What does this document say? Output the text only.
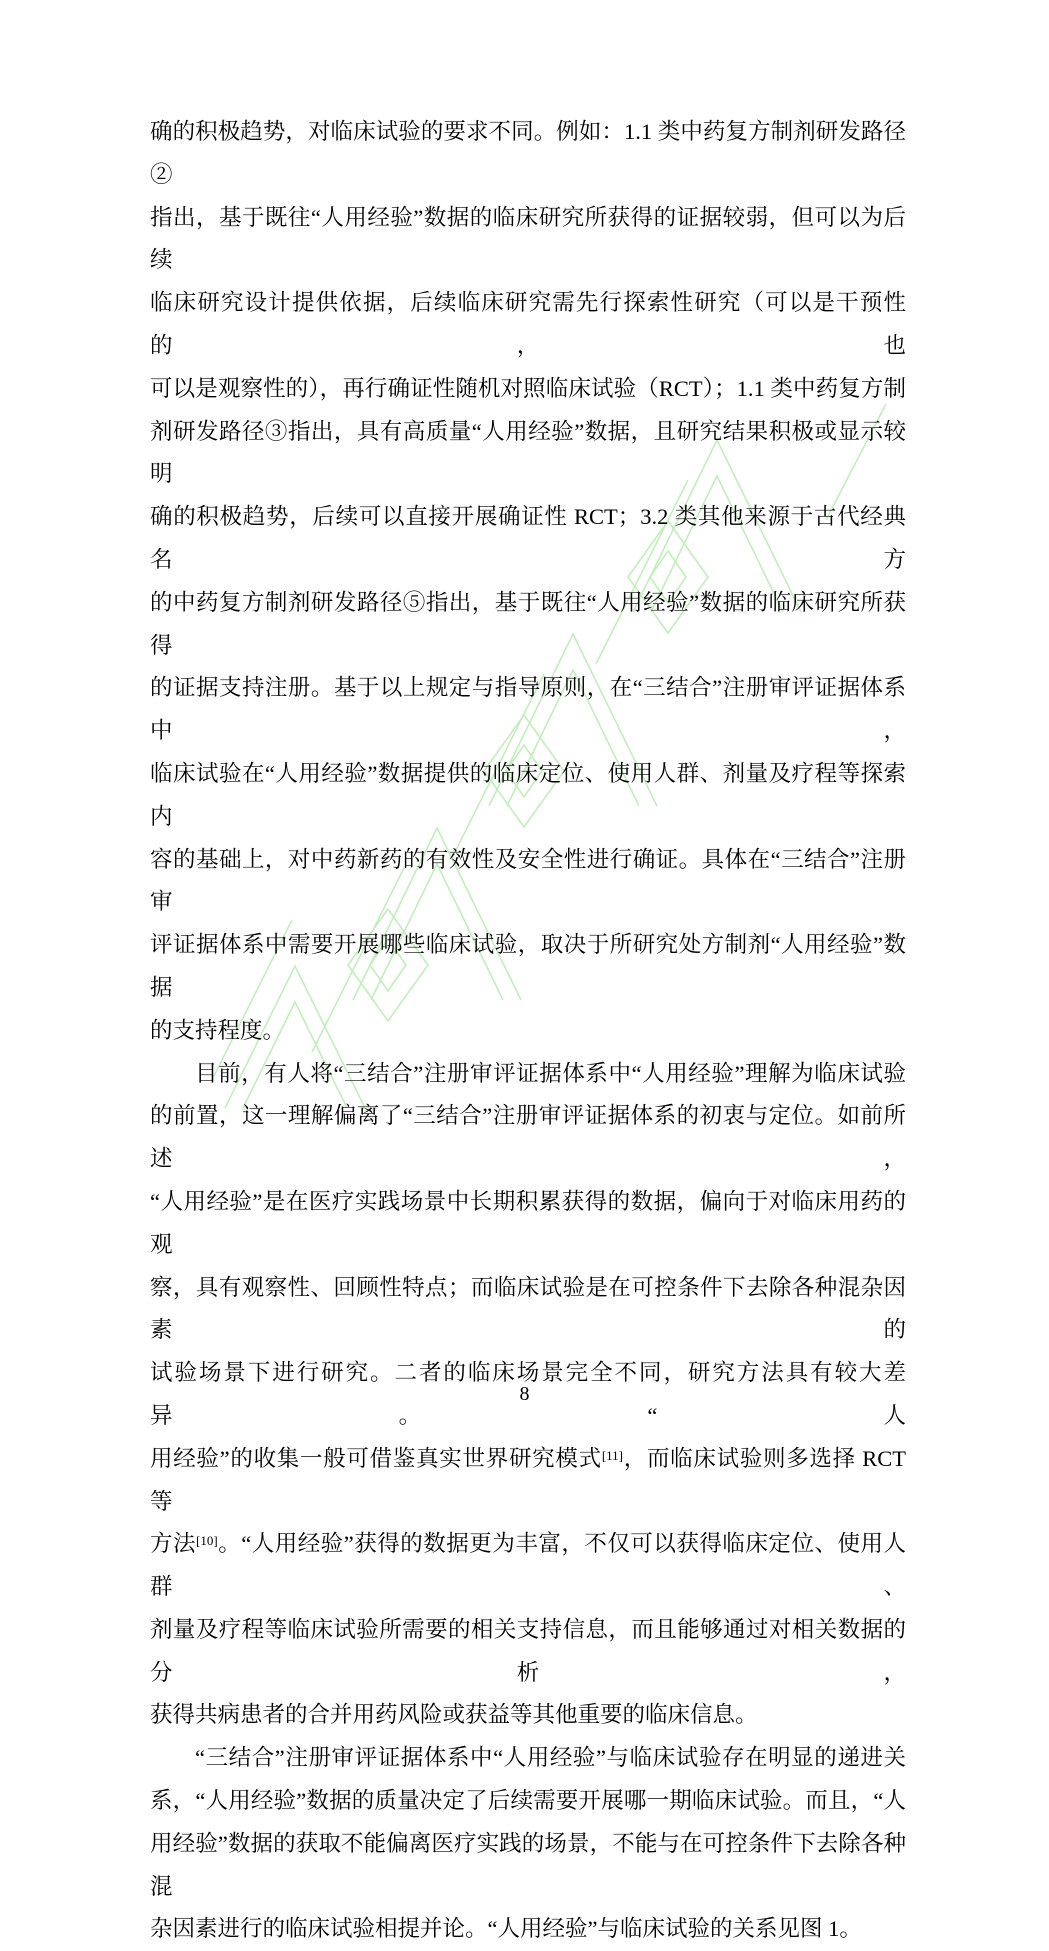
确的积极趋势，对临床试验的要求不同。例如：1.1 类中药复方制剂研发路径②
指出，基于既往“人用经验”数据的临床研究所获得的证据较弱，但可以为后续
临床研究设计提供依据，后续临床研究需先行探索性研究（可以是干预性的，也
可以是观察性的），再行确证性随机对照临床试验（RCT）；1.1 类中药复方制
剂研发路径③指出，具有高质量“人用经验”数据，且研究结果积极或显示较明
确的积极趋势，后续可以直接开展确证性 RCT；3.2 类其他来源于古代经典名方
的中药复方制剂研发路径⑤指出，基于既往“人用经验”数据的临床研究所获得
的证据支持注册。基于以上规定与指导原则，在“三结合”注册审评证据体系中，
临床试验在“人用经验”数据提供的临床定位、使用人群、剂量及疗程等探索内
容的基础上，对中药新药的有效性及安全性进行确证。具体在“三结合”注册审
评证据体系中需要开展哪些临床试验，取决于所研究处方制剂“人用经验”数据
的支持程度。
目前，有人将“三结合”注册审评证据体系中“人用经验”理解为临床试验
的前置，这一理解偏离了“三结合”注册审评证据体系的初衷与定位。如前所述，
“人用经验”是在医疗实践场景中长期积累获得的数据，偏向于对临床用药的观
察，具有观察性、回顾性特点；而临床试验是在可控条件下去除各种混杂因素的
试验场景下进行研究。二者的临床场景完全不同，研究方法具有较大差异。“人
用经验”的收集一般可借鉴真实世界研究模式[11]，而临床试验则多选择 RCT 等
方法[10]。“人用经验”获得的数据更为丰富，不仅可以获得临床定位、使用人群、
剂量及疗程等临床试验所需要的相关支持信息，而且能够通过对相关数据的分析，
获得共病患者的合并用药风险或获益等其他重要的临床信息。
“三结合”注册审评证据体系中“人用经验”与临床试验存在明显的递进关
系，“人用经验”数据的质量决定了后续需要开展哪一期临床试验。而且，“人
用经验”数据的获取不能偏离医疗实践的场景，不能与在可控条件下去除各种混
杂因素进行的临床试验相提并论。“人用经验”与临床试验的关系见图 1。
8
